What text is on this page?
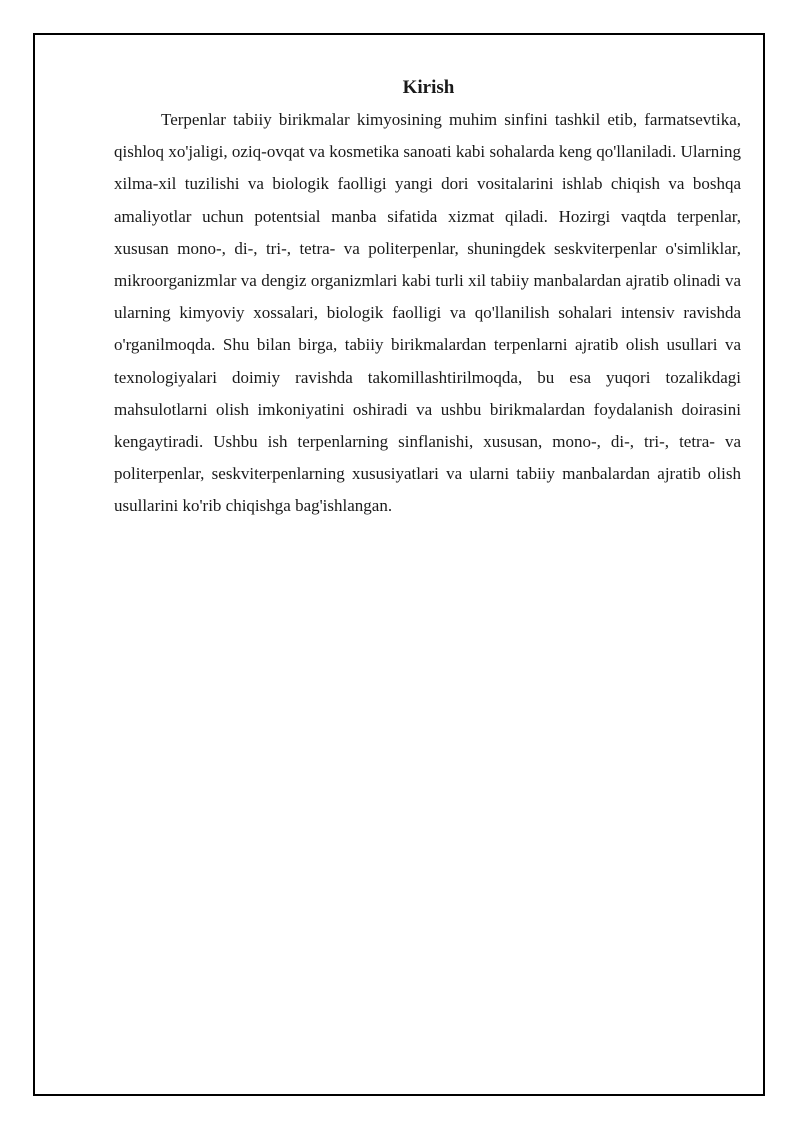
Kirish

Terpenlar tabiiy birikmalar kimyosining muhim sinfini tashkil etib, farmatsevtika, qishloq xo'jaligi, oziq-ovqat va kosmetika sanoati kabi sohalarda keng qo'llaniladi. Ularning xilma-xil tuzilishi va biologik faolligi yangi dori vositalarini ishlab chiqish va boshqa amaliyotlar uchun potentsial manba sifatida xizmat qiladi. Hozirgi vaqtda terpenlar, xususan mono-, di-, tri-, tetra- va politerpenlar, shuningdek seskviterpenlar o'simliklar, mikroorganizmlar va dengiz organizmlari kabi turli xil tabiiy manbalardan ajratib olinadi va ularning kimyoviy xossalari, biologik faolligi va qo'llanilish sohalari intensiv ravishda o'rganilmoqda. Shu bilan birga, tabiiy birikmalardan terpenlarni ajratib olish usullari va texnologiyalari doimiy ravishda takomillashtirilmoqda, bu esa yuqori tozalikdagi mahsulotlarni olish imkoniyatini oshiradi va ushbu birikmalardan foydalanish doirasini kengaytiradi. Ushbu ish terpenlarning sinflanishi, xususan, mono-, di-, tri-, tetra- va politerpenlar, seskviterpenlarning xususiyatlari va ularni tabiiy manbalardan ajratib olish usullarini ko'rib chiqishga bag'ishlangan.
